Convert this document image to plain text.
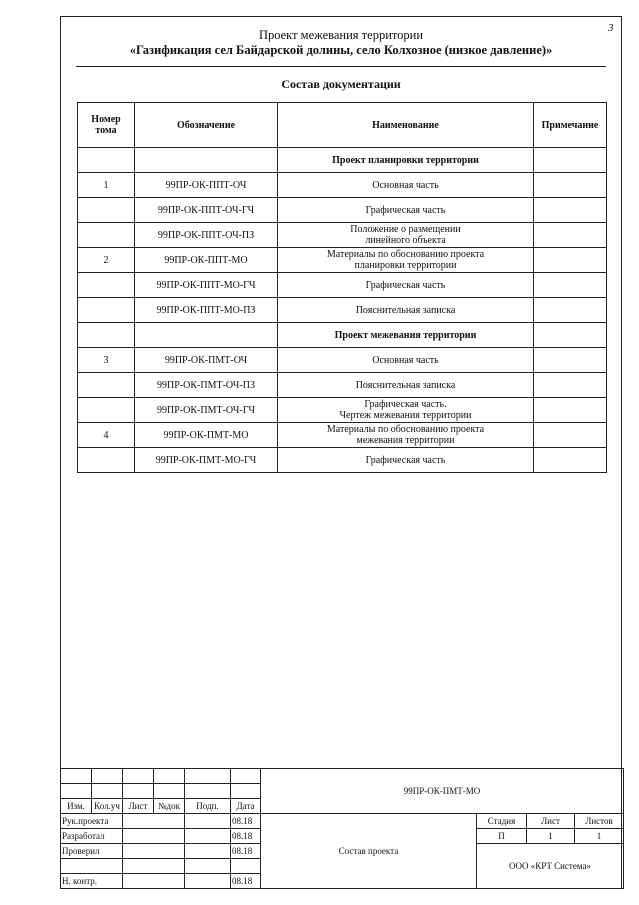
3
Проект межевания территории
«Газификация сел Байдарской долины, село Колхозное (низкое давление)»
Состав документации
Номер тома	Обозначение	Наименование	Примечание
		Проект планировки территории	
1	99ПР-ОК-ППТ-ОЧ	Основная часть	
	99ПР-ОК-ППТ-ОЧ-ГЧ	Графическая часть	
	99ПР-ОК-ППТ-ОЧ-ПЗ	Положение о размещении
линейного объекта	
2	99ПР-ОК-ППТ-МО	Материалы по обоснованию проекта
планировки территории	
	99ПР-ОК-ППТ-МО-ГЧ	Графическая часть	
	99ПР-ОК-ППТ-МО-ПЗ	Пояснительная записка	
		Проект межевания территории	
3	99ПР-ОК-ПМТ-ОЧ	Основная часть	
	99ПР-ОК-ПМТ-ОЧ-ПЗ	Пояснительная записка	
	99ПР-ОК-ПМТ-ОЧ-ГЧ	Графическая часть.
Чертеж межевания территории	
4	99ПР-ОК-ПМТ-МО	Материалы по обоснованию проекта
межевания территории	
	99ПР-ОК-ПМТ-МО-ГЧ	Графическая часть	
						99ПР-ОК-ПМТ-МО			

Изм.	Кол.уч	Лист	№док	Подп.	Дата				
Рук.проекта					08.18	Состав проекта	Стадия	Лист	Листов
Разработал					08.18		П	1	1
Проверил					08.18		ООО «КРТ Система»		

Н. контр.					08.18				
